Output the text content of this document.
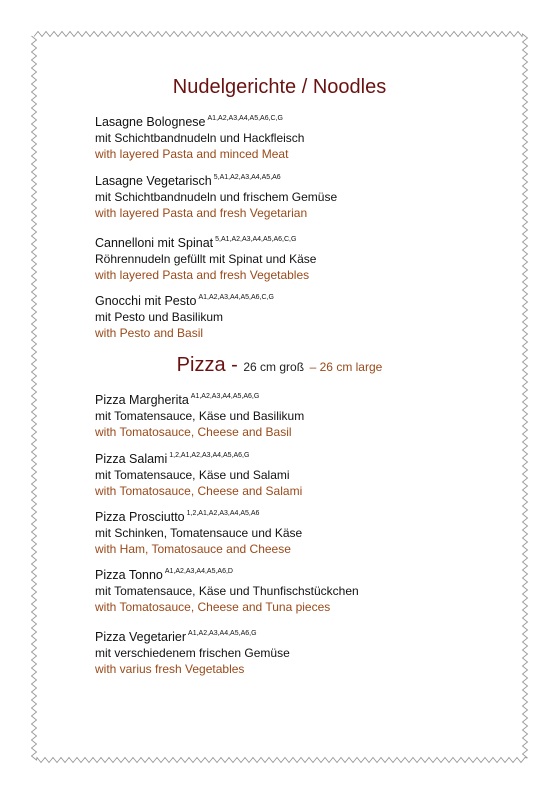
Nudelgerichte / Noodles
Lasagne Bolognese $^{A1,A2,A3,A4,A5,A6,C,G}$
mit Schichtbandnudeln und Hackfleisch
with layered Pasta and minced Meat
Lasagne Vegetarisch $^{5,A1,A2,A3,A4,A5,A6}$
mit Schichtbandnudeln und frischem Gemüse
with layered Pasta and fresh Vegetarian
Cannelloni mit Spinat $^{5,A1,A2,A3,A4,A5,A6,C,G}$
Röhrennudeln gefüllt mit Spinat und Käse
with layered Pasta and fresh Vegetables
Gnocchi mit Pesto $^{A1,A2,A3,A4,A5,A6,C,G}$
mit Pesto und Basilikum
with Pesto and Basil
Pizza - 26 cm groß – 26 cm large
Pizza Margherita $^{A1,A2,A3,A4,A5,A6,G}$
mit Tomatensauce, Käse und Basilikum
with Tomatosauce, Cheese and Basil
Pizza Salami $^{1,2,A1,A2,A3,A4,A5,A6,G}$
mit Tomatensauce, Käse und Salami
with Tomatosauce, Cheese and Salami
Pizza Prosciutto $^{1,2,A1,A2,A3,A4,A5,A6}$
mit Schinken, Tomatensauce und Käse
with Ham, Tomatosauce and Cheese
Pizza Tonno $^{A1,A2,A3,A4,A5,A6,D}$
mit Tomatensauce, Käse und Thunfischstückchen
with Tomatosauce, Cheese and Tuna pieces
Pizza Vegetarier $^{A1,A2,A3,A4,A5,A6,G}$
mit verschiedenem frischen Gemüse
with varius fresh Vegetables
